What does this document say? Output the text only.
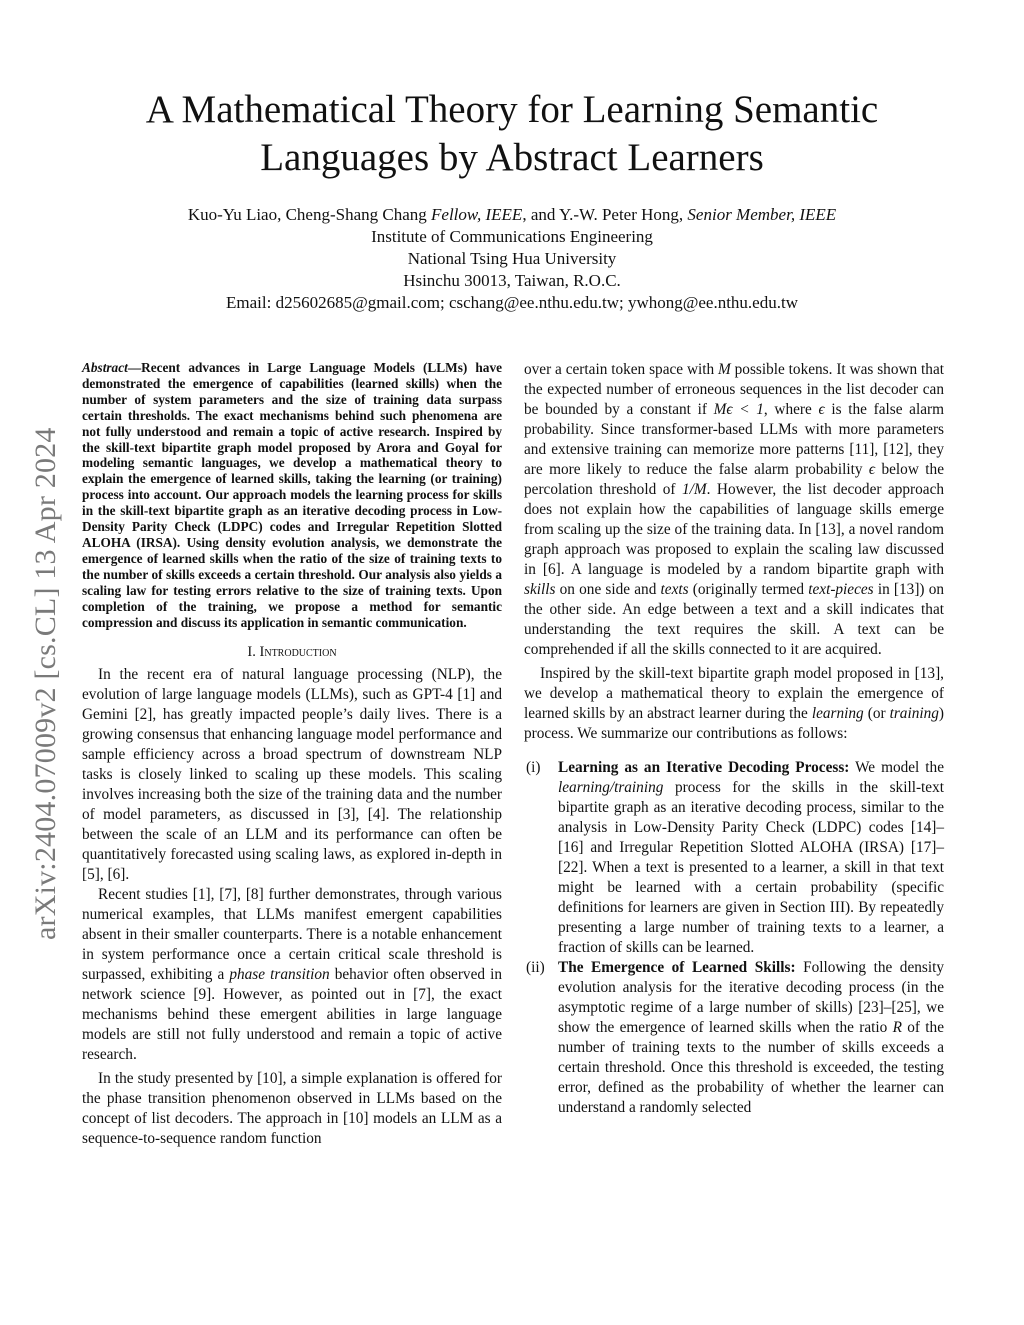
A Mathematical Theory for Learning Semantic
Languages by Abstract Learners
Kuo-Yu Liao, Cheng-Shang Chang Fellow, IEEE, and Y.-W. Peter Hong, Senior Member, IEEE
Institute of Communications Engineering
National Tsing Hua University
Hsinchu 30013, Taiwan, R.O.C.
Email: d25602685@gmail.com; cschang@ee.nthu.edu.tw; ywhong@ee.nthu.edu.tw
arXiv:2404.07009v2 [cs.CL] 13 Apr 2024

Abstract—Recent advances in Large Language Models (LLMs) have demonstrated the emergence of capabilities (learned skills) when the number of system parameters and the size of training data surpass certain thresholds. The exact mechanisms behind such phenomena are not fully understood and remain a topic of active research. Inspired by the skill-text bipartite graph model proposed by Arora and Goyal for modeling semantic languages, we develop a mathematical theory to explain the emergence of learned skills, taking the learning (or training) process into account. Our approach models the learning process for skills in the skill-text bipartite graph as an iterative decoding process in Low-Density Parity Check (LDPC) codes and Irregular Repetition Slotted ALOHA (IRSA). Using density evolution analysis, we demonstrate the emergence of learned skills when the ratio of the size of training texts to the number of skills exceeds a certain threshold. Our analysis also yields a scaling law for testing errors relative to the size of training texts. Upon completion of the training, we propose a method for semantic compression and discuss its application in semantic communication.

I. Introduction

In the recent era of natural language processing (NLP), the evolution of large language models (LLMs), such as GPT-4 [1] and Gemini [2], has greatly impacted people’s daily lives. There is a growing consensus that enhancing language model performance and sample efficiency across a broad spectrum of downstream NLP tasks is closely linked to scaling up these models. This scaling involves increasing both the size of the training data and the number of model parameters, as discussed in [3], [4]. The relationship between the scale of an LLM and its performance can often be quantitatively forecasted using scaling laws, as explored in-depth in [5], [6].

Recent studies [1], [7], [8] further demonstrates, through various numerical examples, that LLMs manifest emergent capabilities absent in their smaller counterparts. There is a notable enhancement in system performance once a certain critical scale threshold is surpassed, exhibiting a phase transition behavior often observed in network science [9]. However, as pointed out in [7], the exact mechanisms behind these emergent abilities in large language models are still not fully understood and remain a topic of active research.

In the study presented by [10], a simple explanation is offered for the phase transition phenomenon observed in LLMs based on the concept of list decoders. The approach in [10] models an LLM as a sequence-to-sequence random function

over a certain token space with M possible tokens. It was shown that the expected number of erroneous sequences in the list decoder can be bounded by a constant if Mϵ < 1, where ϵ is the false alarm probability. Since transformer-based LLMs with more parameters and extensive training can memorize more patterns [11], [12], they are more likely to reduce the false alarm probability ϵ below the percolation threshold of 1/M. However, the list decoder approach does not explain how the capabilities of language skills emerge from scaling up the size of the training data. In [13], a novel random graph approach was proposed to explain the scaling law discussed in [6]. A language is modeled by a random bipartite graph with skills on one side and texts (originally termed text-pieces in [13]) on the other side. An edge between a text and a skill indicates that understanding the text requires the skill. A text can be comprehended if all the skills connected to it are acquired.

Inspired by the skill-text bipartite graph model proposed in [13], we develop a mathematical theory to explain the emergence of learned skills by an abstract learner during the learning (or training) process. We summarize our contributions as follows:

(i) Learning as an Iterative Decoding Process: We model the learning/training process for the skills in the skill-text bipartite graph as an iterative decoding process, similar to the analysis in Low-Density Parity Check (LDPC) codes [14]–[16] and Irregular Repetition Slotted ALOHA (IRSA) [17]–[22]. When a text is presented to a learner, a skill in that text might be learned with a certain probability (specific definitions for learners are given in Section III). By repeatedly presenting a large number of training texts to a learner, a fraction of skills can be learned.
(ii) The Emergence of Learned Skills: Following the density evolution analysis for the iterative decoding process (in the asymptotic regime of a large number of skills) [23]–[25], we show the emergence of learned skills when the ratio R of the number of training texts to the number of skills exceeds a certain threshold. Once this threshold is exceeded, the testing error, defined as the probability of whether the learner can understand a randomly selected
